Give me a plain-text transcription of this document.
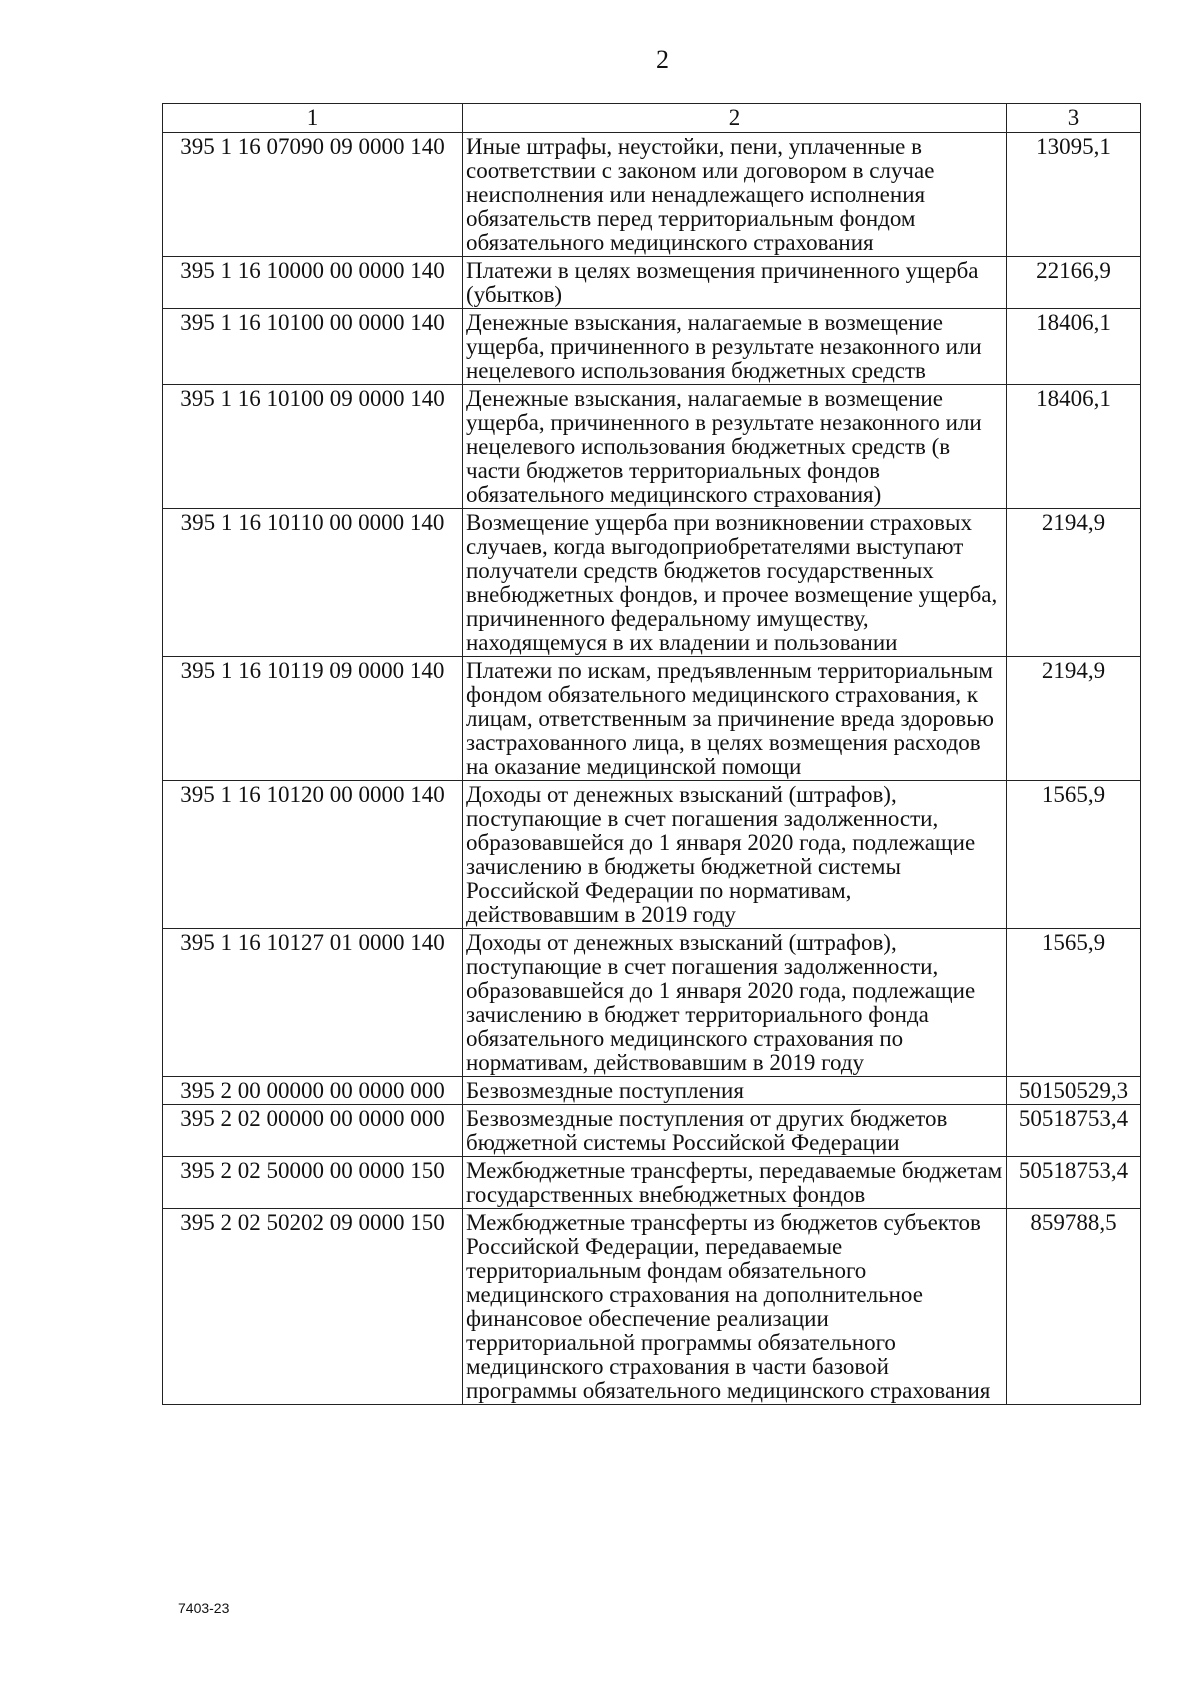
2
1	2	3
395 1 16 07090 09 0000 140	Иные штрафы, неустойки, пени, уплаченные в соответствии с законом или договором в случае неисполнения или ненадлежащего исполнения обязательств перед территориальным фондом обязательного медицинского страхования	13095,1
395 1 16 10000 00 0000 140	Платежи в целях возмещения причиненного ущерба (убытков)	22166,9
395 1 16 10100 00 0000 140	Денежные взыскания, налагаемые в возмещение ущерба, причиненного в результате незаконного или нецелевого использования бюджетных средств	18406,1
395 1 16 10100 09 0000 140	Денежные взыскания, налагаемые в возмещение ущерба, причиненного в результате незаконного или нецелевого использования бюджетных средств (в части бюджетов территориальных фондов обязательного медицинского страхования)	18406,1
395 1 16 10110 00 0000 140	Возмещение ущерба при возникновении страховых случаев, когда выгодоприобретателями выступают получатели средств бюджетов государственных внебюджетных фондов, и прочее возмещение ущерба, причиненного федеральному имуществу, находящемуся в их владении и пользовании	2194,9
395 1 16 10119 09 0000 140	Платежи по искам, предъявленным территориальным фондом обязательного медицинского страхования, к лицам, ответственным за причинение вреда здоровью застрахованного лица, в целях возмещения расходов на оказание медицинской помощи	2194,9
395 1 16 10120 00 0000 140	Доходы от денежных взысканий (штрафов), поступающие в счет погашения задолженности, образовавшейся до 1 января 2020 года, подлежащие зачислению в бюджеты бюджетной системы Российской Федерации по нормативам, действовавшим в 2019 году	1565,9
395 1 16 10127 01 0000 140	Доходы от денежных взысканий (штрафов), поступающие в счет погашения задолженности, образовавшейся до 1 января 2020 года, подлежащие зачислению в бюджет территориального фонда обязательного медицинского страхования по нормативам, действовавшим в 2019 году	1565,9
395 2 00 00000 00 0000 000	Безвозмездные поступления	50150529,3
395 2 02 00000 00 0000 000	Безвозмездные поступления от других бюджетов бюджетной системы Российской Федерации	50518753,4
395 2 02 50000 00 0000 150	Межбюджетные трансферты, передаваемые бюджетам государственных внебюджетных фондов	50518753,4
395 2 02 50202 09 0000 150	Межбюджетные трансферты из бюджетов субъектов Российской Федерации, передаваемые территориальным фондам обязательного медицинского страхования на дополнительное финансовое обеспечение реализации территориальной программы обязательного медицинского страхования в части базовой программы обязательного медицинского страхования	859788,5
7403-23
